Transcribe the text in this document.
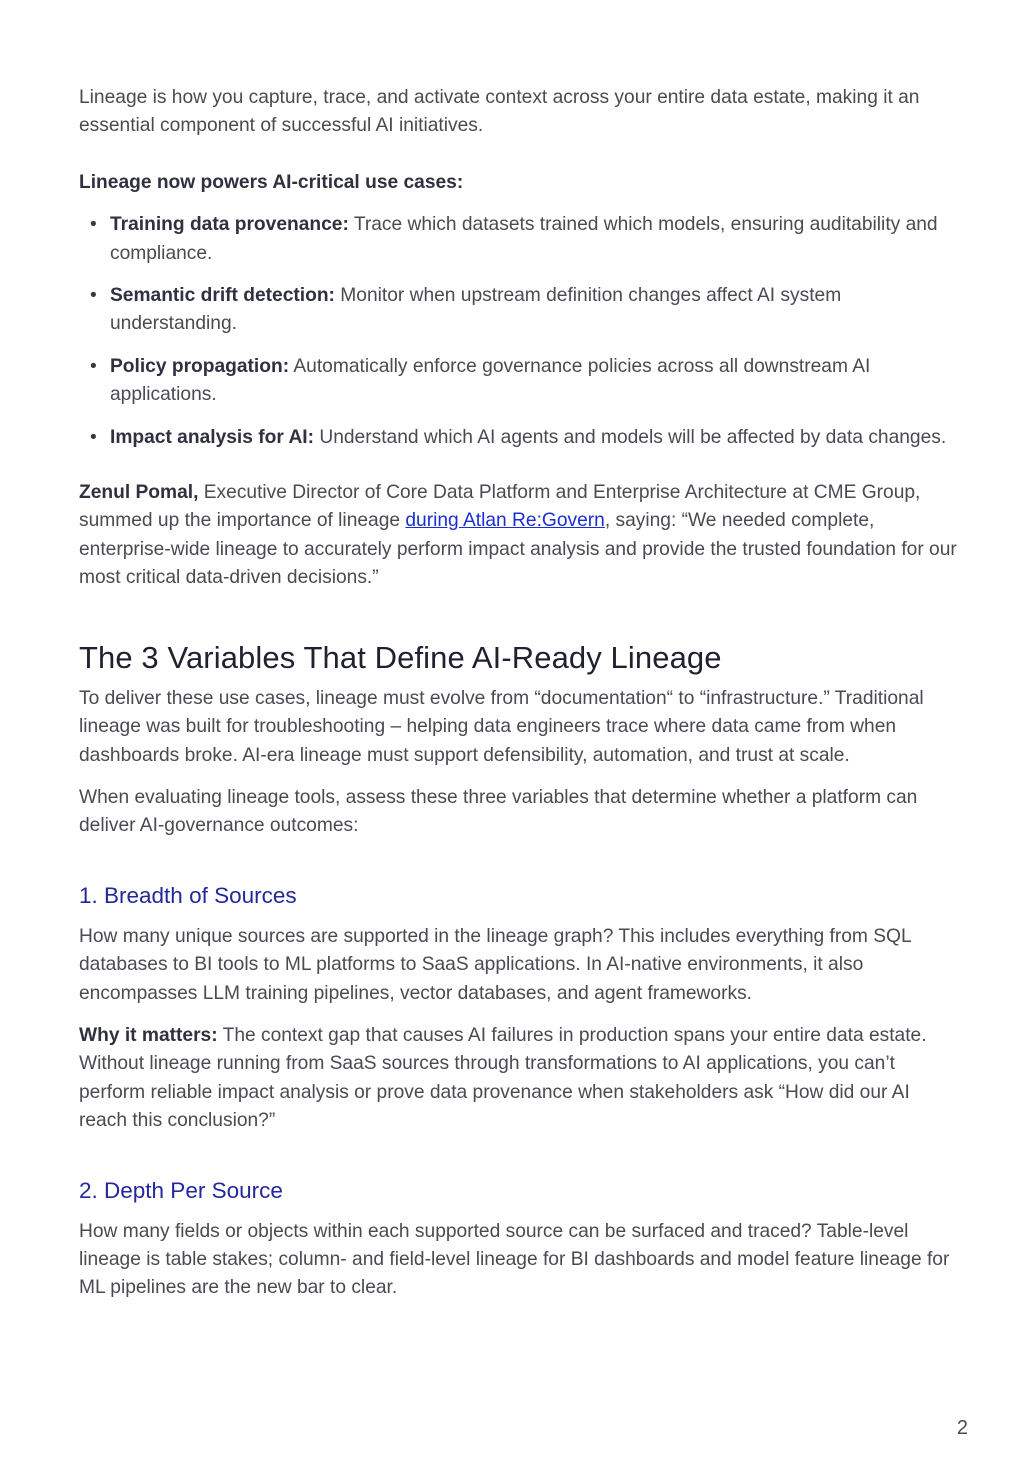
Lineage is how you capture, trace, and activate context across your entire data estate, making it an essential component of successful AI initiatives.

Lineage now powers AI-critical use cases:

• Training data provenance: Trace which datasets trained which models, ensuring auditability and compliance.
• Semantic drift detection: Monitor when upstream definition changes affect AI system understanding.
• Policy propagation: Automatically enforce governance policies across all downstream AI applications.
• Impact analysis for AI: Understand which AI agents and models will be affected by data changes.

Zenul Pomal, Executive Director of Core Data Platform and Enterprise Architecture at CME Group, summed up the importance of lineage during Atlan Re:Govern, saying: “We needed complete, enterprise-wide lineage to accurately perform impact analysis and provide the trusted foundation for our most critical data-driven decisions.”

The 3 Variables That Define AI-Ready Lineage

To deliver these use cases, lineage must evolve from “documentation“ to “infrastructure.” Traditional lineage was built for troubleshooting – helping data engineers trace where data came from when dashboards broke. AI-era lineage must support defensibility, automation, and trust at scale.

When evaluating lineage tools, assess these three variables that determine whether a platform can deliver AI-governance outcomes:

1. Breadth of Sources

How many unique sources are supported in the lineage graph? This includes everything from SQL databases to BI tools to ML platforms to SaaS applications. In AI-native environments, it also encompasses LLM training pipelines, vector databases, and agent frameworks.

Why it matters: The context gap that causes AI failures in production spans your entire data estate. Without lineage running from SaaS sources through transformations to AI applications, you can’t perform reliable impact analysis or prove data provenance when stakeholders ask “How did our AI reach this conclusion?”

2. Depth Per Source

How many fields or objects within each supported source can be surfaced and traced? Table-level lineage is table stakes; column- and field-level lineage for BI dashboards and model feature lineage for ML pipelines are the new bar to clear.

2
